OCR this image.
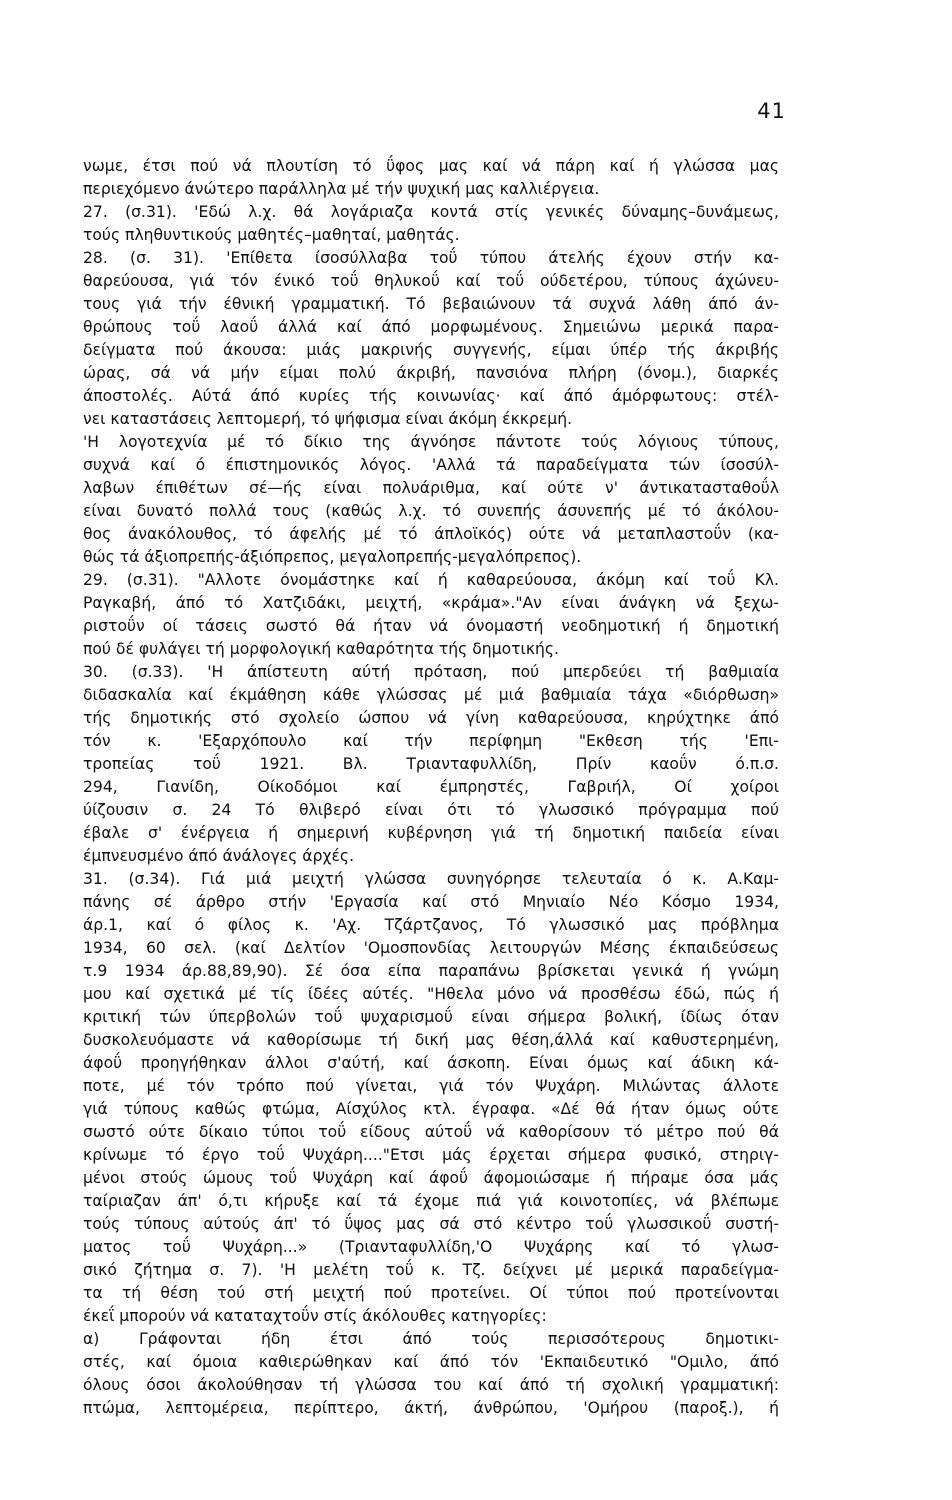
41
νωμε, έτσι πού νά πλουτίση τό ΰφος μας καί νά πάρη καί ή γλώσσα μας
περιεχόμενο άνώτερο παράλληλα μέ τήν ψυχική μας καλλιέργεια.
27. (σ.31). 'Εδώ λ.χ. θά λογάριαζα κοντά στίς γενικές δύναμης–δυνάμεως,
τούς πληθυντικούς μαθητές–μαθηταί, μαθητάς.
28. (σ. 31). 'Επίθετα ίσοσύλλαβα τοΰ τύπου άτελής έχουν στήν κα-
θαρεύουσα, γιά τόν ένικό τοΰ θηλυκοΰ καί τοΰ ούδετέρου, τύπους άχώνευ-
τους γιά τήν έθνική γραμματική. Τό βεβαιώνουν τά συχνά λάθη άπό άν-
θρώπους τοΰ λαοΰ άλλά καί άπό μορφωμένους. Σημειώνω μερικά παρα-
δείγματα πού άκουσα: μιάς μακρινής συγγενής, είμαι ύπέρ τής άκριβής
ώρας, σά νά μήν είμαι πολύ άκριβή, πανσιόνα πλήρη (όνομ.), διαρκές
άποστολές. Αύτά άπό κυρίες τής κοινωνίας· καί άπό άμόρφωτους: στέλ-
νει καταστάσεις λεπτομερή, τό ψήφισμα είναι άκόμη έκκρεμή.
'Η λογοτεχνία μέ τό δίκιο της άγνόησε πάντοτε τούς λόγιους τύπους,
συχνά καί ό έπιστημονικός λόγος. 'Αλλά τά παραδείγματα τών ίσοσύλ-
λαβων έπιθέτων σέ—ής είναι πολυάριθμα, καί ούτε ν' άντικατασταθοΰλ
είναι δυνατό πολλά τους (καθώς λ.χ. τό συνεπής άσυνεπής μέ τό άκόλου-
θος άνακόλουθος, τό άφελής μέ τό άπλοϊκός) ούτε νά μεταπλαστοΰν (κα-
θώς τά άξιοπρεπής-άξιόπρεπος, μεγαλοπρεπής-μεγαλόπρεπος).
29. (σ.31). "Αλλοτε όνομάστηκε καί ή καθαρεύουσα, άκόμη καί τοΰ Κλ.
Ραγκαβή, άπό τό Χατζιδάκι, μειχτή, «κράμα»."Αν είναι άνάγκη νά ξεχω-
ριστοΰν οί τάσεις σωστό θά ήταν νά όνομαστή νεοδημοτική ή δημοτική
πού δέ φυλάγει τή μορφολογική καθαρότητα τής δημοτικής.
30. (σ.33). 'Η άπίστευτη αύτή πρόταση, πού μπερδεύει τή βαθμιαία
διδασκαλία καί έκμάθηση κάθε γλώσσας μέ μιά βαθμιαία τάχα «διόρθωση»
τής δημοτικής στό σχολείο ώσπου νά γίνη καθαρεύουσα, κηρύχτηκε άπό
τόν κ. 'Εξαρχόπουλο καί τήν περίφημη "Εκθεση τής 'Επι-
τροπείας τοΰ 1921. Βλ. Τριανταφυλλίδη, Πρίν καοΰν ό.π.σ.
294, Γιανίδη, Οίκοδόμοι καί έμπρηστές, Γαβριήλ, Οί χοίροι
ύίζουσιν σ. 24 Τό θλιβερό είναι ότι τό γλωσσικό πρόγραμμα πού
έβαλε σ' ένέργεια ή σημερινή κυβέρνηση γιά τή δημοτική παιδεία είναι
έμπνευσμένο άπό άνάλογες άρχές.
31. (σ.34). Γιά μιά μειχτή γλώσσα συνηγόρησε τελευταία ό κ. Α.Καμ-
πάνης σέ άρθρο στήν 'Εργασία καί στό Μηνιαίο Νέο Κόσμο 1934,
άρ.1, καί ό φίλος κ. 'Αχ. Τζάρτζανος, Τό γλωσσικό μας πρόβλημα
1934, 60 σελ. (καί Δελτίον 'Ομοσπονδίας λειτουργών Μέσης έκπαιδεύσεως
τ.9 1934 άρ.88,89,90). Σέ όσα είπα παραπάνω βρίσκεται γενικά ή γνώμη
μου καί σχετικά μέ τίς ίδέες αύτές. "Ηθελα μόνο νά προσθέσω έδώ, πώς ή
κριτική τών ύπερβολών τοΰ ψυχαρισμοΰ είναι σήμερα βολική, ίδίως όταν
δυσκολευόμαστε νά καθορίσωμε τή δική μας θέση,άλλά καί καθυστερημένη,
άφοΰ προηγήθηκαν άλλοι σ'αύτή, καί άσκοπη. Είναι όμως καί άδικη κά-
ποτε, μέ τόν τρόπο πού γίνεται, γιά τόν Ψυχάρη. Μιλώντας άλλοτε
γιά τύπους καθώς φτώμα, Αίσχύλος κτλ. έγραφα. «Δέ θά ήταν όμως ούτε
σωστό ούτε δίκαιο τύποι τοΰ είδους αύτοΰ νά καθορίσουν τό μέτρο πού θά
κρίνωμε τό έργο τοΰ Ψυχάρη...."Ετσι μάς έρχεται σήμερα φυσικό, στηριγ-
μένοι στούς ώμους τοΰ Ψυχάρη καί άφοΰ άφομοιώσαμε ή πήραμε όσα μάς
ταίριαζαν άπ' ό,τι κήρυξε καί τά έχομε πιά γιά κοινοτοπίες, νά βλέπωμε
τούς τύπους αύτούς άπ' τό ΰψος μας σά στό κέντρο τοΰ γλωσσικοΰ συστή-
ματος τοΰ Ψυχάρη...» (Τριανταφυλλίδη,'Ο Ψυχάρης καί τό γλωσ-
σικό ζήτημα σ. 7). 'Η μελέτη τοΰ κ. Τζ. δείχνει μέ μερικά παραδείγμα-
τα τή θέση τού στή μειχτή πού προτείνει. Οί τύποι πού προτείνονται
έκεΐ μπορούν νά καταταχτοΰν στίς άκόλουθες κατηγορίες:
α) Γράφονται ήδη έτσι άπό τούς περισσότερους δημοτικι-
στές, καί όμοια καθιερώθηκαν καί άπό τόν 'Εκπαιδευτικό "Ομιλο, άπό
όλους όσοι άκολούθησαν τή γλώσσα του καί άπό τή σχολική γραμματική:
πτώμα, λεπτομέρεια, περίπτερο, άκτή, άνθρώπου, 'Ομήρου (παροξ.), ή
